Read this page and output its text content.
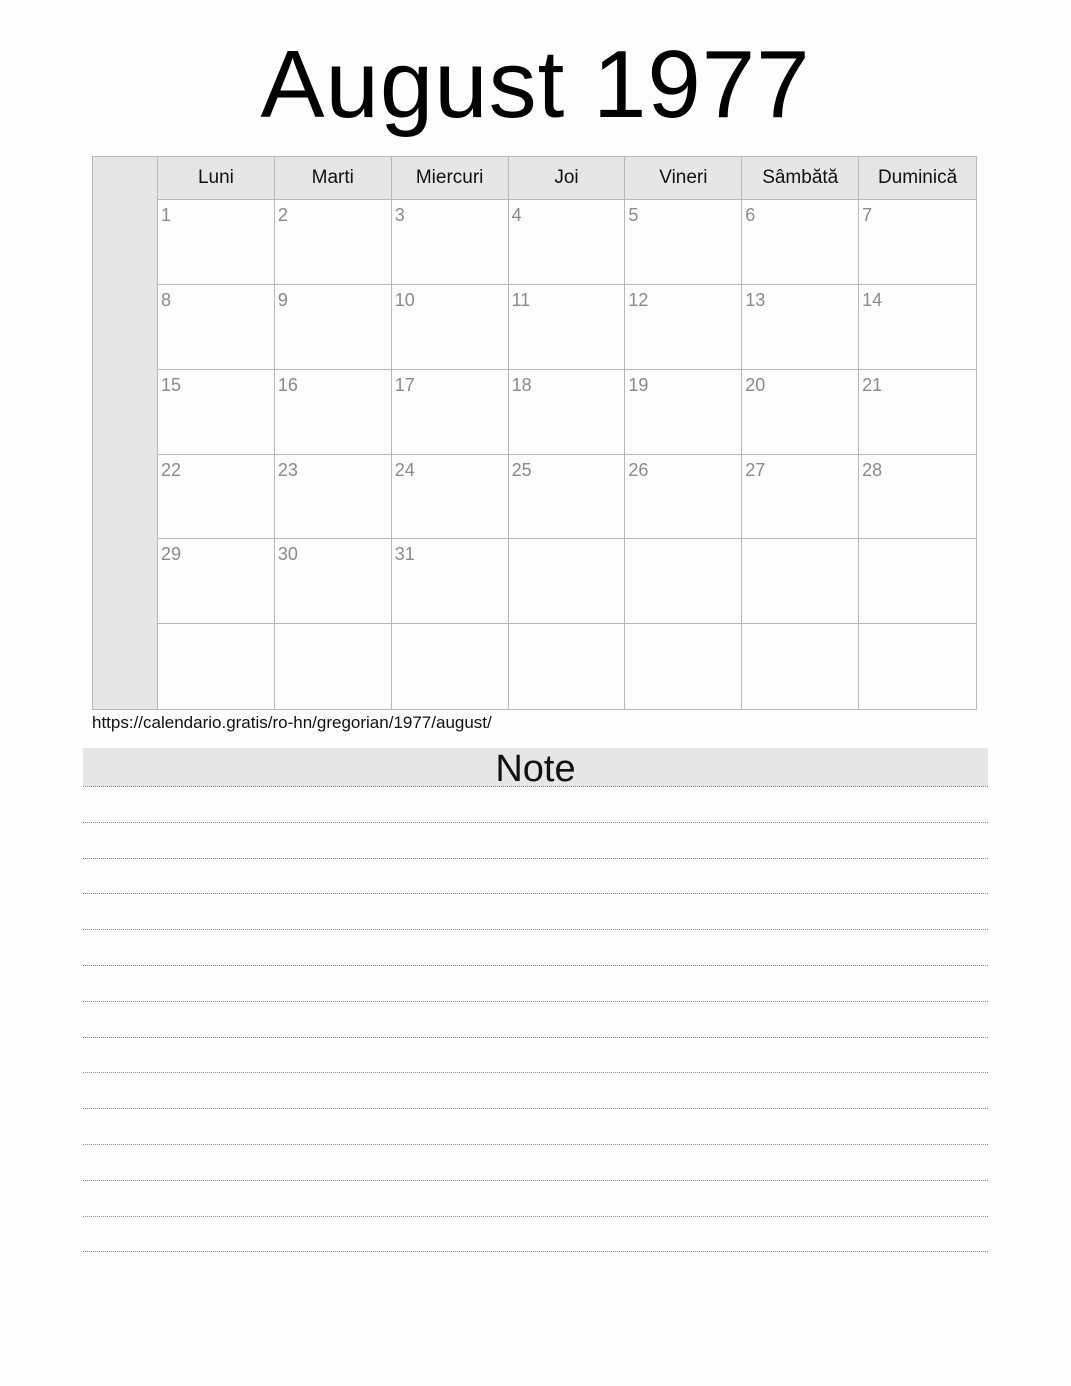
August 1977
Luni	Marti	Miercuri	Joi	Vineri	Sâmbătă	Duminică
1	2	3	4	5	6	7
8	9	10	11	12	13	14
15	16	17	18	19	20	21
22	23	24	25	26	27	28
29	30	31
https://calendario.gratis/ro-hn/gregorian/1977/august/
Note
